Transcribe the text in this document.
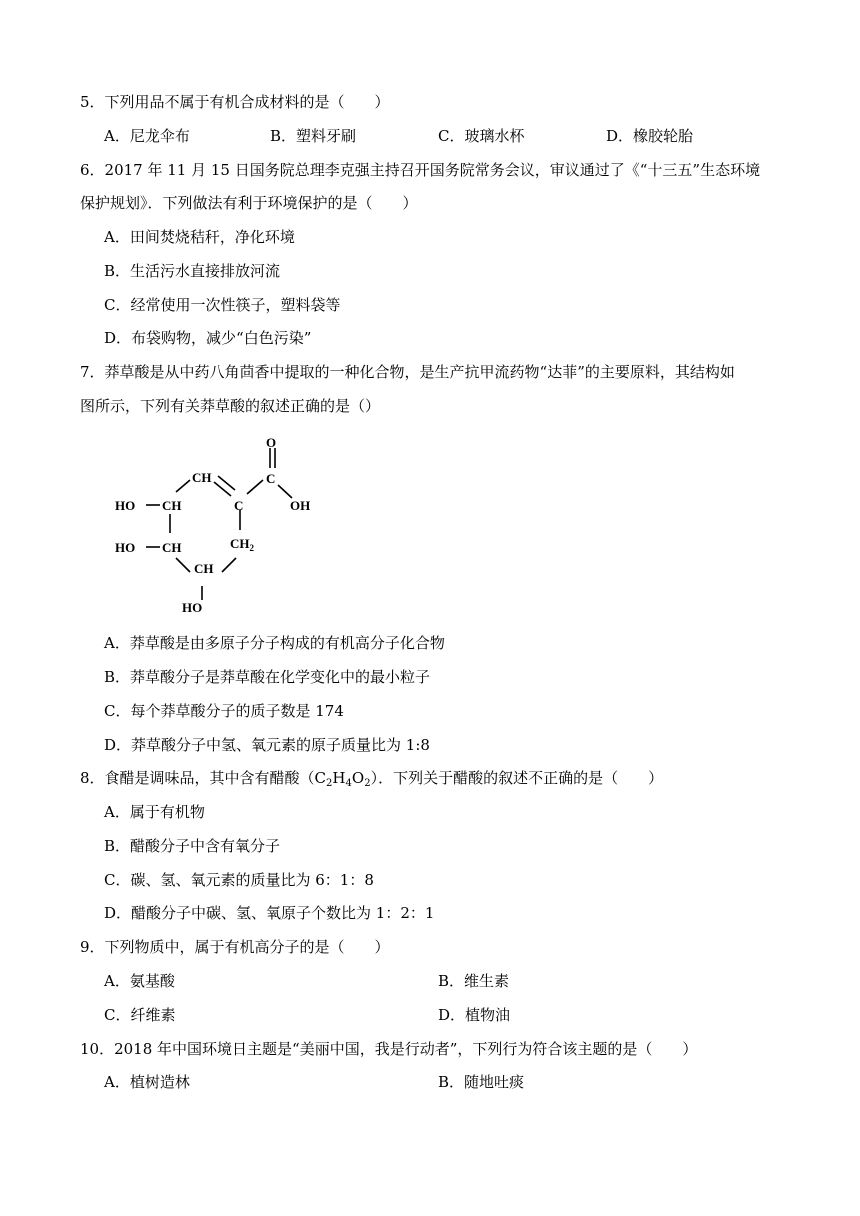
5．下列用品不属于有机合成材料的是（　　）
A．尼龙伞布	B．塑料牙刷	C．玻璃水杯	D．橡胶轮胎
6．2017 年 11 月 15 日国务院总理李克强主持召开国务院常务会议，审议通过了《“十三五”生态环境
保护规划》．下列做法有利于环境保护的是（　　）
A．田间焚烧秸秆，净化环境
B．生活污水直接排放河流
C．经常使用一次性筷子，塑料袋等
D．布袋购物，减少“白色污染”
7．莽草酸是从中药八角茴香中提取的一种化合物，是生产抗甲流药物“达菲”的主要原料，其结构如
图所示，下列有关莽草酸的叙述正确的是（）
O
C
OH
CH
HO CH	C
HO CH	$CH_2$
CH
HO
A．莽草酸是由多原子分子构成的有机高分子化合物
B．莽草酸分子是莽草酸在化学变化中的最小粒子
C．每个莽草酸分子的质子数是 174
D．莽草酸分子中氢、氧元素的原子质量比为 1:8
8．食醋是调味品，其中含有醋酸$(C_2H_4O_2)$．下列关于醋酸的叙述不正确的是（　　）
A．属于有机物
B．醋酸分子中含有氧分子
C．碳、氢、氧元素的质量比为 6：1：8
D．醋酸分子中碳、氢、氧原子个数比为 1：2：1
9．下列物质中，属于有机高分子的是（　　）
A．氨基酸	B．维生素
C．纤维素	D．植物油
10．2018 年中国环境日主题是“美丽中国，我是行动者”，下列行为符合该主题的是（　　）
A．植树造林	B．随地吐痰
